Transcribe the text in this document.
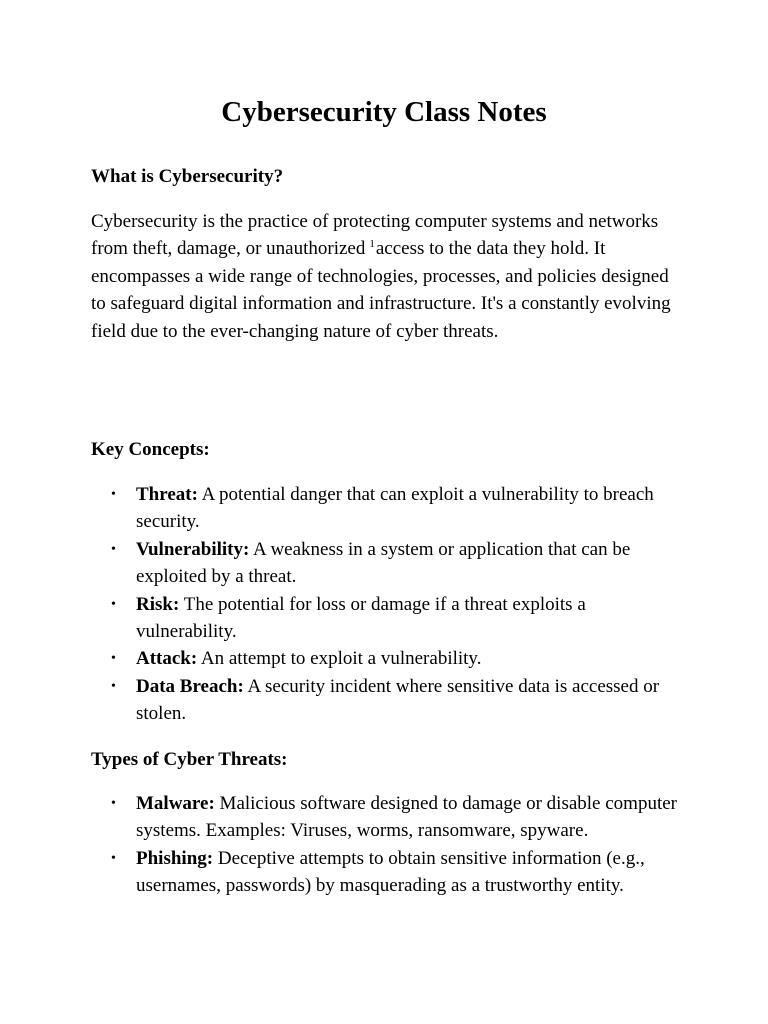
Cybersecurity Class Notes
What is Cybersecurity?

Cybersecurity is the practice of protecting computer systems and networks from theft, damage, or unauthorized $^1$access to the data they hold. It encompasses a wide range of technologies, processes, and policies designed to safeguard digital information and infrastructure. It's a constantly evolving field due to the ever-changing nature of cyber threats.

Key Concepts:
• Threat: A potential danger that can exploit a vulnerability to breach security.
• Vulnerability: A weakness in a system or application that can be exploited by a threat.
• Risk: The potential for loss or damage if a threat exploits a vulnerability.
• Attack: An attempt to exploit a vulnerability.
• Data Breach: A security incident where sensitive data is accessed or stolen.
Types of Cyber Threats:
• Malware: Malicious software designed to damage or disable computer systems. Examples: Viruses, worms, ransomware, spyware.
• Phishing: Deceptive attempts to obtain sensitive information (e.g., usernames, passwords) by masquerading as a trustworthy entity.
